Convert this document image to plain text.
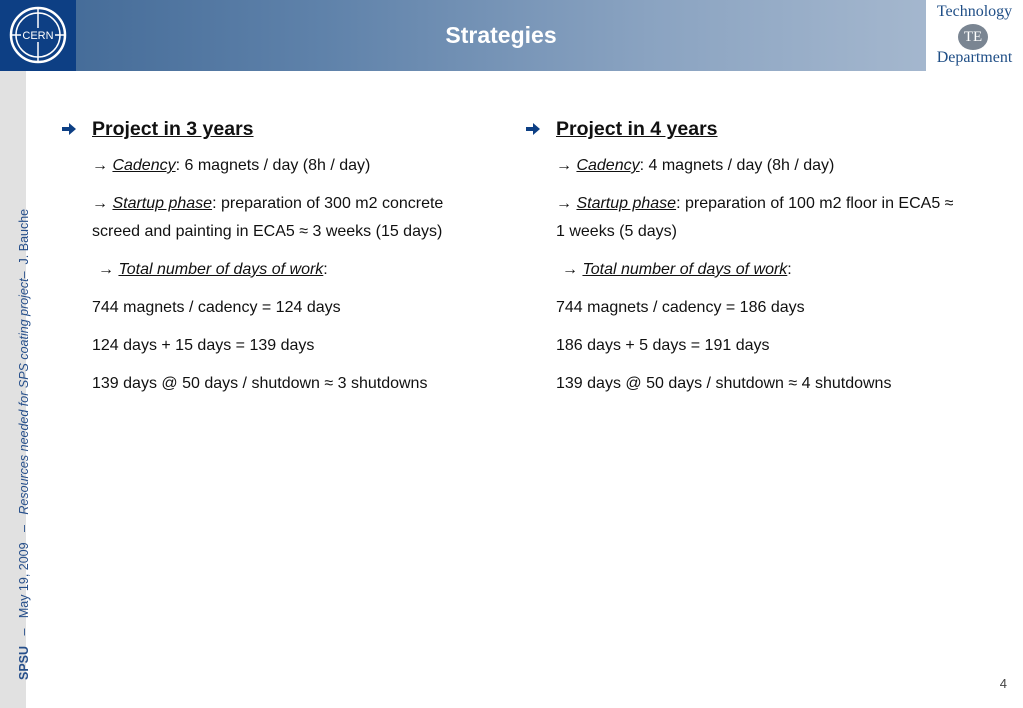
CERN	Strategies
Technology
TE
Department
SPSU   –   May 19, 2009   –   Resources needed for SPS coating project–  J. Bauche
Project in 3 years
→ Cadency: 6 magnets / day (8h / day)
→ Startup phase: preparation of 300 m2 concrete screed and painting in ECA5 ≈ 3 weeks (15 days)
→ Total number of days of work:
744 magnets / cadency = 124 days
124 days + 15 days = 139 days
139 days @ 50 days / shutdown ≈ 3 shutdowns
Project in 4 years
→ Cadency: 4 magnets / day (8h / day)
→ Startup phase: preparation of 100 m2 floor in ECA5 ≈ 1 weeks (5 days)
→ Total number of days of work:
744 magnets / cadency = 186 days
186 days + 5 days = 191 days
139 days @ 50 days / shutdown ≈ 4 shutdowns
4
